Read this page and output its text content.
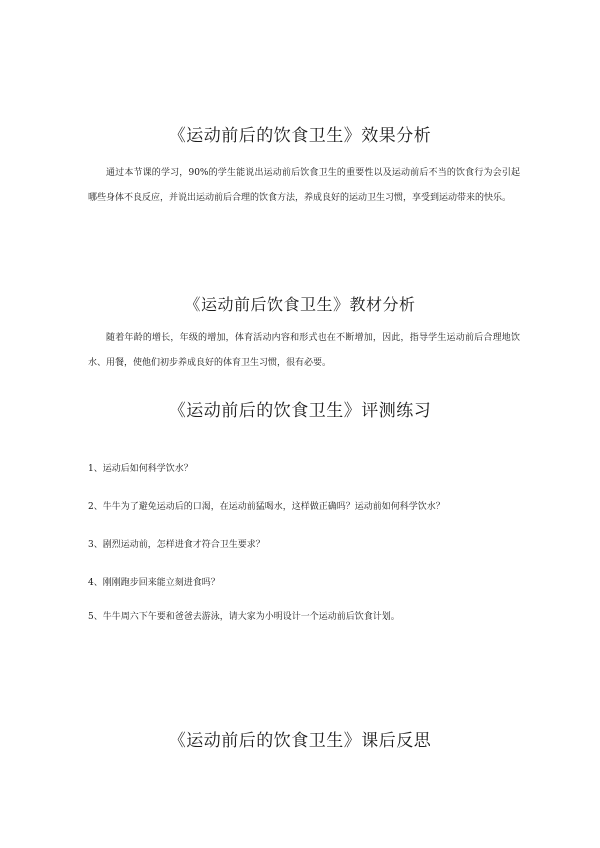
《运动前后的饮食卫生》效果分析

通过本节课的学习，90%的学生能说出运动前后饮食卫生的重要性以及运动前后不当的饮食行为会引起哪些身体不良反应，并说出运动前后合理的饮食方法，养成良好的运动卫生习惯，享受到运动带来的快乐。

《运动前后饮食卫生》教材分析

随着年龄的增长，年级的增加，体育活动内容和形式也在不断增加，因此，指导学生运动前后合理地饮水、用餐，使他们初步养成良好的体育卫生习惯，很有必要。

《运动前后的饮食卫生》评测练习

1、运动后如何科学饮水？

2、牛牛为了避免运动后的口渴，在运动前猛喝水，这样做正确吗？运动前如何科学饮水？

3、剧烈运动前，怎样进食才符合卫生要求？

4、刚刚跑步回来能立刻进食吗？

5、牛牛周六下午要和爸爸去游泳，请大家为小明设计一个运动前后饮食计划。

《运动前后的饮食卫生》课后反思
